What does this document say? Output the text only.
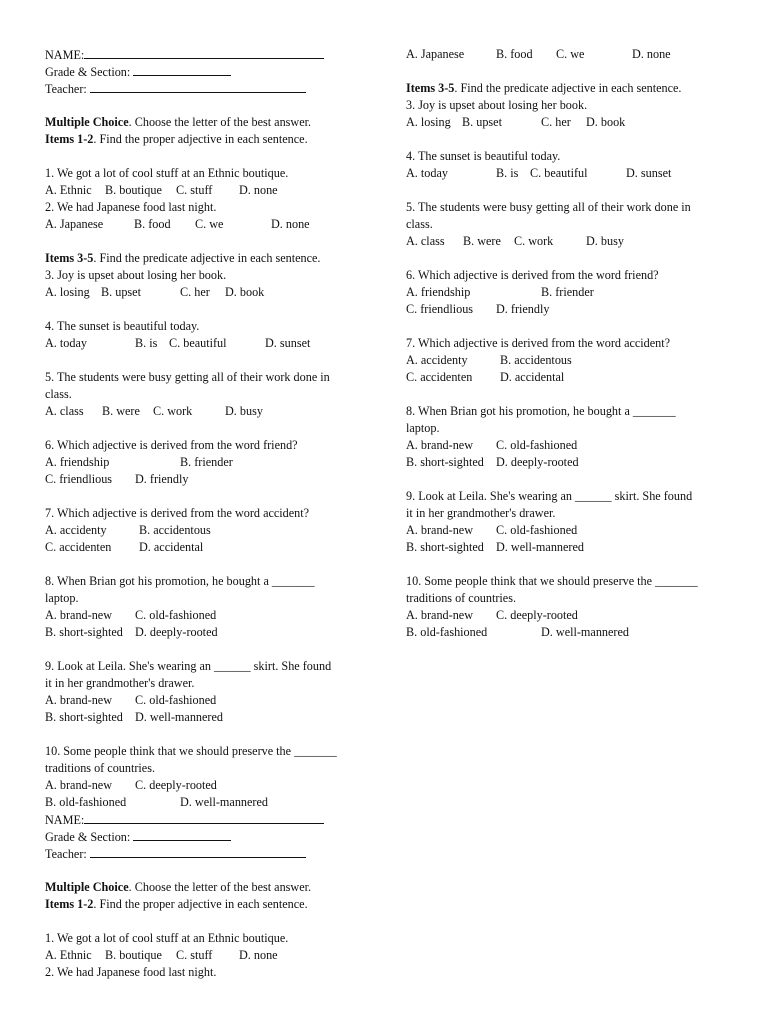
NAME:
Grade & Section:
Teacher:
Multiple Choice. Choose the letter of the best answer.
Items 1-2. Find the proper adjective in each sentence.
1. We got a lot of cool stuff at an Ethnic boutique.
A. Ethnic B. boutique C. stuff D. none
2. We had Japanese food last night.
A. Japanese	B. food C. we	D. none
Items 3-5. Find the predicate adjective in each sentence.
3. Joy is upset about losing her book.
A. losing B. upset	C. her D. book
4. The sunset is beautiful today.
A. today	B. is C. beautiful	D. sunset
5. The students were busy getting all of their work done in
class.
A. class B. were C. work	D. busy
6. Which adjective is derived from the word friend?
A. friendship	B. friender
C. friendlious D. friendly
7. Which adjective is derived from the word accident?
A. accidenty	B. accidentous
C. accidenten D. accidental
8. When Brian got his promotion, he bought a _______
laptop.
A. brand-new C. old-fashioned
B. short-sighted D. deeply-rooted
9. Look at Leila. She's wearing an ______ skirt. She found
it in her grandmother's drawer.
A. brand-new C. old-fashioned
B. short-sighted D. well-mannered
10. Some people think that we should preserve the _______
traditions of countries.
A. brand-new C. deeply-rooted
B. old-fashioned	D. well-mannered
NAME:
Grade & Section:
Teacher:
Multiple Choice. Choose the letter of the best answer.
Items 1-2. Find the proper adjective in each sentence.
1. We got a lot of cool stuff at an Ethnic boutique.
A. Ethnic B. boutique C. stuff D. none
2. We had Japanese food last night.
A. Japanese	B. food C. we	D. none
Items 3-5. Find the predicate adjective in each sentence.
3. Joy is upset about losing her book.
A. losing B. upset	C. her D. book
4. The sunset is beautiful today.
A. today	B. is C. beautiful	D. sunset
5. The students were busy getting all of their work done in
class.
A. class B. were C. work	D. busy
6. Which adjective is derived from the word friend?
A. friendship	B. friender
C. friendlious D. friendly
7. Which adjective is derived from the word accident?
A. accidenty	B. accidentous
C. accidenten D. accidental
8. When Brian got his promotion, he bought a _______
laptop.
A. brand-new C. old-fashioned
B. short-sighted D. deeply-rooted
9. Look at Leila. She's wearing an ______ skirt. She found
it in her grandmother's drawer.
A. brand-new C. old-fashioned
B. short-sighted D. well-mannered
10. Some people think that we should preserve the _______
traditions of countries.
A. brand-new C. deeply-rooted
B. old-fashioned	D. well-mannered
